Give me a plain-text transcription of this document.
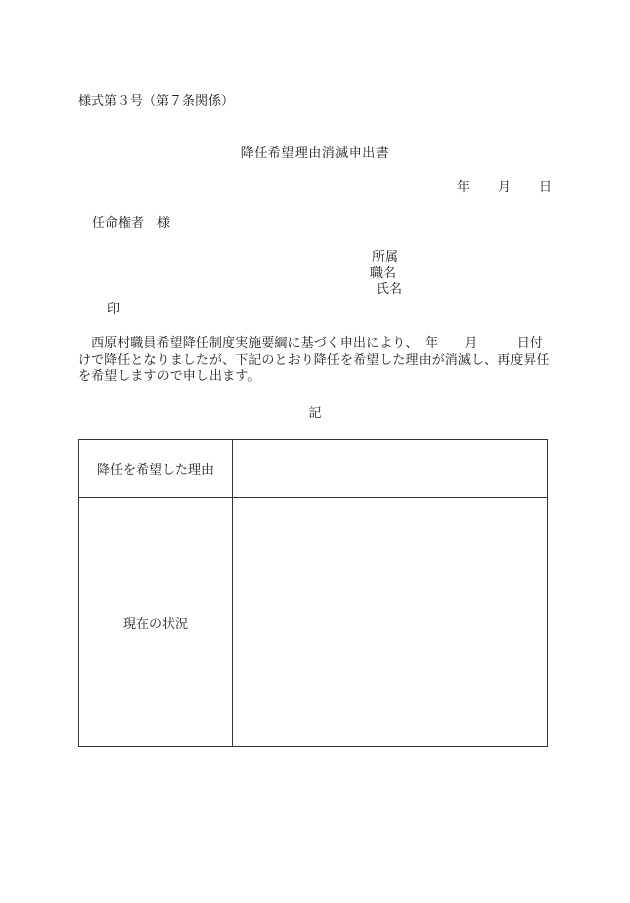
様式第３号（第７条関係）
降任希望理由消滅申出書
年 月 日
任命権者　様
所属
職名
氏名
印
西原村職員希望降任制度実施要綱に基づく申出により、　年　　月　　　日付けで降任となりましたが、下記のとおり降任を希望した理由が消滅し、再度昇任を希望しますので申し出ます。
記
降任を希望した理由	
現在の状況	
